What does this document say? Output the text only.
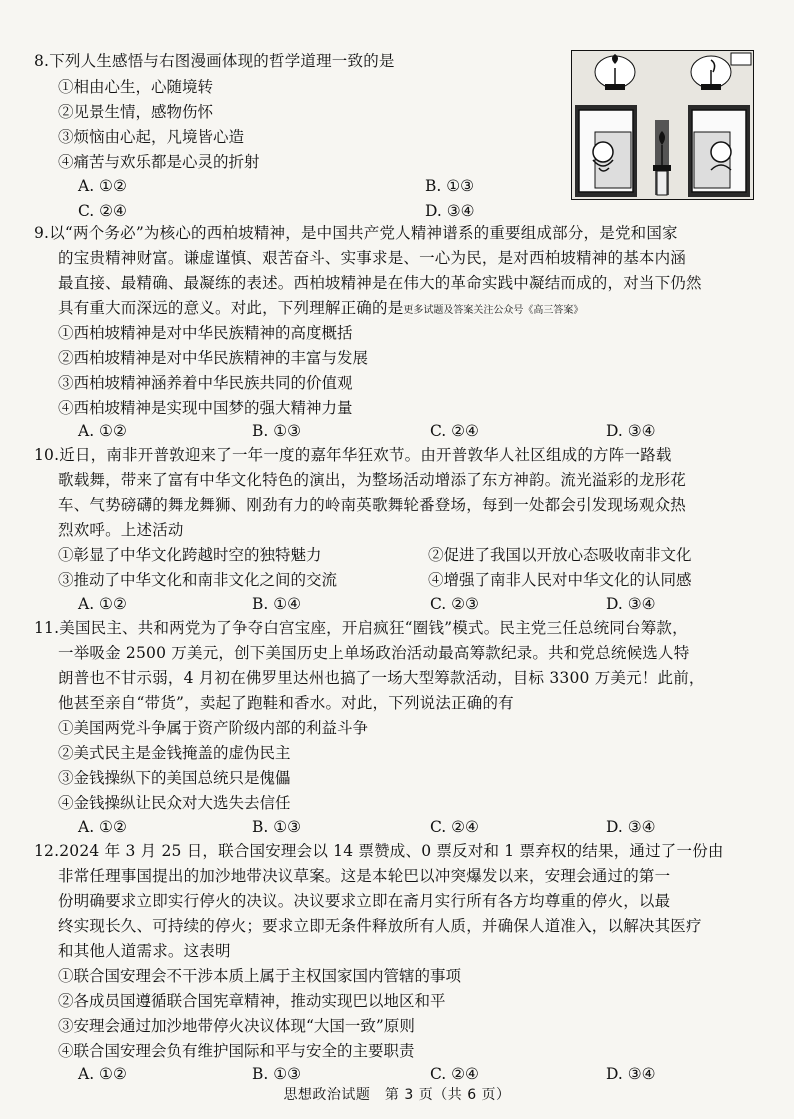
8.下列人生感悟与右图漫画体现的哲学道理一致的是
①相由心生，心随境转
②见景生情，感物伤怀
③烦恼由心起，凡境皆心造
④痛苦与欢乐都是心灵的折射
A. ①②	B. ①③
C. ②④	D. ③④
9.以“两个务必”为核心的西柏坡精神，是中国共产党人精神谱系的重要组成部分，是党和国家
的宝贵精神财富。谦虚谨慎、艰苦奋斗、实事求是、一心为民，是对西柏坡精神的基本内涵
最直接、最精确、最凝练的表述。西柏坡精神是在伟大的革命实践中凝结而成的，对当下仍然
具有重大而深远的意义。对此，下列理解正确的是更多试题及答案关注公众号《高三答案》
①西柏坡精神是对中华民族精神的高度概括
②西柏坡精神是对中华民族精神的丰富与发展
③西柏坡精神涵养着中华民族共同的价值观
④西柏坡精神是实现中国梦的强大精神力量
A. ①②	B. ①③	C. ②④	D. ③④
10.近日，南非开普敦迎来了一年一度的嘉年华狂欢节。由开普敦华人社区组成的方阵一路载
歌载舞，带来了富有中华文化特色的演出，为整场活动增添了东方神韵。流光溢彩的龙形花
车、气势磅礴的舞龙舞狮、刚劲有力的岭南英歌舞轮番登场，每到一处都会引发现场观众热
烈欢呼。上述活动
①彰显了中华文化跨越时空的独特魅力	②促进了我国以开放心态吸收南非文化
③推动了中华文化和南非文化之间的交流	④增强了南非人民对中华文化的认同感
A. ①②	B. ①④	C. ②③	D. ③④
11.美国民主、共和两党为了争夺白宫宝座，开启疯狂“圈钱”模式。民主党三任总统同台筹款，
一举吸金 2500 万美元，创下美国历史上单场政治活动最高筹款纪录。共和党总统候选人特
朗普也不甘示弱，4 月初在佛罗里达州也搞了一场大型筹款活动，目标 3300 万美元！此前，
他甚至亲自“带货”，卖起了跑鞋和香水。对此，下列说法正确的有
①美国两党斗争属于资产阶级内部的利益斗争
②美式民主是金钱掩盖的虚伪民主
③金钱操纵下的美国总统只是傀儡
④金钱操纵让民众对大选失去信任
A. ①②	B. ①③	C. ②④	D. ③④
12.2024 年 3 月 25 日，联合国安理会以 14 票赞成、0 票反对和 1 票弃权的结果，通过了一份由
非常任理事国提出的加沙地带决议草案。这是本轮巴以冲突爆发以来，安理会通过的第一
份明确要求立即实行停火的决议。决议要求立即在斋月实行所有各方均尊重的停火，以最
终实现长久、可持续的停火；要求立即无条件释放所有人质，并确保人道准入，以解决其医疗
和其他人道需求。这表明
①联合国安理会不干涉本质上属于主权国家国内管辖的事项
②各成员国遵循联合国宪章精神，推动实现巴以地区和平
③安理会通过加沙地带停火决议体现“大国一致”原则
④联合国安理会负有维护国际和平与安全的主要职责
A. ①②	B. ①③	C. ②④	D. ③④
思想政治试题　第 3 页（共 6 页）
